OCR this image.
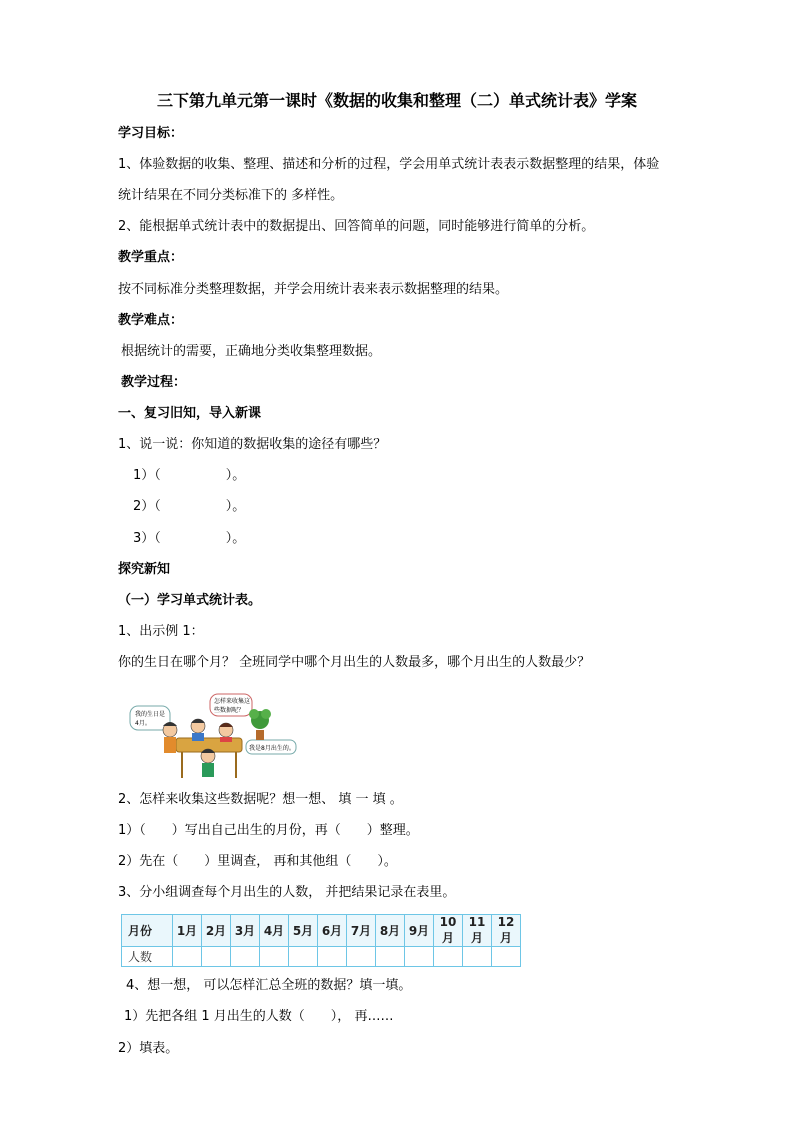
三下第九单元第一课时《数据的收集和整理（二）单式统计表》学案
学习目标：
1、体验数据的收集、整理、描述和分析的过程，学会用单式统计表表示数据整理的结果，体验
统计结果在不同分类标准下的 多样性。
2、能根据单式统计表中的数据提出、回答简单的问题，同时能够进行简单的分析。
教学重点：
按不同标准分类整理数据，并学会用统计表来表示数据整理的结果。
教学难点：
根据统计的需要，正确地分类收集整理数据。
教学过程：
一、复习旧知，导入新课
1、说一说：你知道的数据收集的途径有哪些？
1）（　　　　　）。
2）（　　　　　）。
3）（　　　　　）。
探究新知
（一）学习单式统计表。
1、出示例 1：
你的生日在哪个月？ 全班同学中哪个月出生的人数最多，哪个月出生的人数最少？
我的生日是
4月。
怎样来收集这
些数据呢？
我是8月出生的。
2、怎样来收集这些数据呢？想一想、 填 一 填 。
1）（　　）写出自己出生的月份，再（　　）整理。
2）先在（　　）里调查， 再和其他组（　　）。
3、分小组调查每个月出生的人数， 并把结果记录在表里。
月份	1月	2月	3月	4月	5月	6月	7月	8月	9月	10月	11月	12月
人数												
4、想一想， 可以怎样汇总全班的数据？填一填。
1）先把各组 1 月出生的人数（　　）， 再……
2）填表。
